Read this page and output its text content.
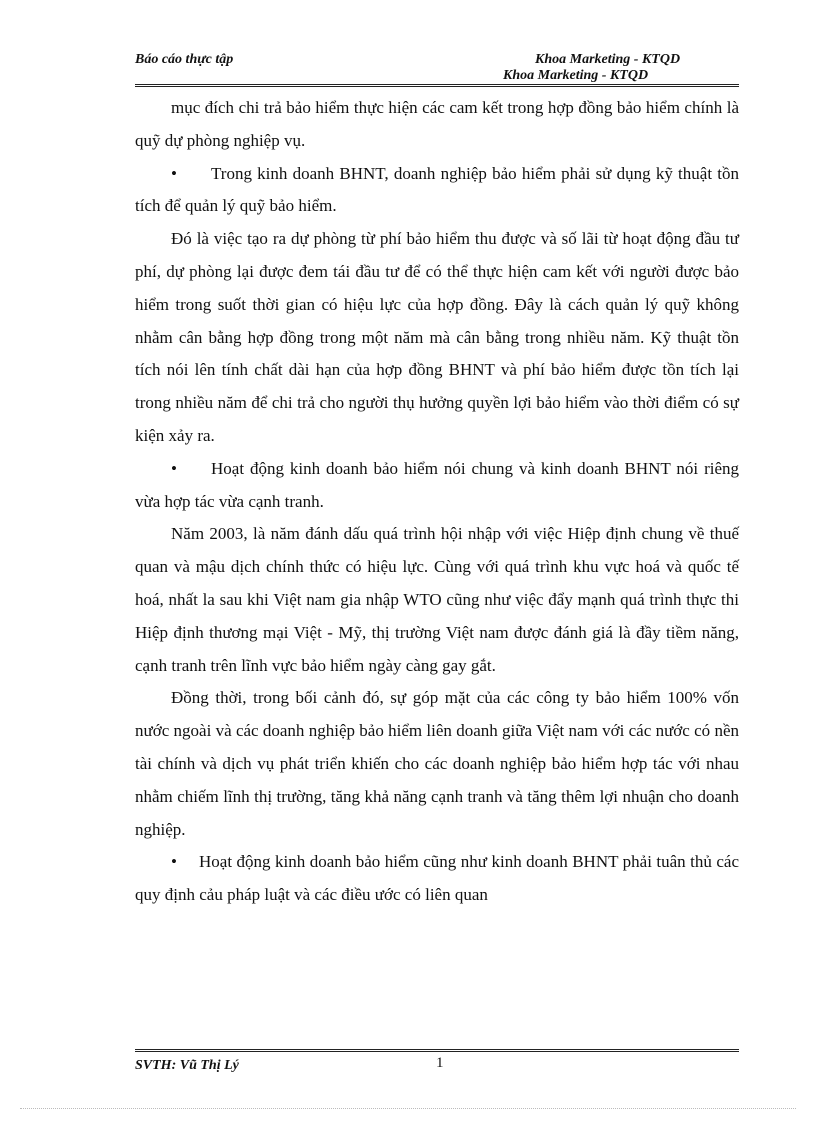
Báo cáo thực tập	Khoa Marketing - KTQD
Khoa Marketing - KTQD

mục đích chi trả bảo hiểm thực hiện các cam kết trong hợp đồng bảo hiểm chính là quỹ dự phòng nghiệp vụ.

• Trong kinh doanh BHNT, doanh nghiệp bảo hiểm phải sử dụng kỹ thuật tồn tích để quản lý quỹ bảo hiểm.

Đó là việc tạo ra dự phòng từ phí bảo hiểm thu được và số lãi từ hoạt động đầu tư phí, dự phòng lại được đem tái đầu tư để có thể thực hiện cam kết với người được bảo hiểm trong suốt thời gian có hiệu lực của hợp đồng. Đây là cách quản lý quỹ không nhằm cân bằng hợp đồng trong một năm mà cân bằng trong nhiều năm. Kỹ thuật tồn tích nói lên tính chất dài hạn của hợp đồng BHNT và phí bảo hiểm được tồn tích lại trong nhiều năm để chi trả cho người thụ hưởng quyền lợi bảo hiểm vào thời điểm có sự kiện xảy ra.

• Hoạt động kinh doanh bảo hiểm nói chung và kinh doanh BHNT nói riêng vừa hợp tác vừa cạnh tranh.

Năm 2003, là năm đánh dấu quá trình hội nhập với việc Hiệp định chung về thuế quan và mậu dịch chính thức có hiệu lực. Cùng với quá trình khu vực hoá và quốc tế hoá, nhất la sau khi Việt nam gia nhập WTO cũng như việc đẩy mạnh quá trình thực thi Hiệp định thương mại Việt - Mỹ, thị trường Việt nam được đánh giá là đầy tiềm năng, cạnh tranh trên lĩnh vực bảo hiểm ngày càng gay gắt.

Đồng thời, trong bối cảnh đó, sự góp mặt của các công ty bảo hiểm 100% vốn nước ngoài và các doanh nghiệp bảo hiểm liên doanh giữa Việt nam với các nước có nền tài chính và dịch vụ phát triển khiến cho các doanh nghiệp bảo hiểm hợp tác với nhau nhằm chiếm lĩnh thị trường, tăng khả năng cạnh tranh và tăng thêm lợi nhuận cho doanh nghiệp.

• Hoạt động kinh doanh bảo hiểm cũng như kinh doanh BHNT phải tuân thủ các quy định cảu pháp luật và các điều ước có liên quan

SVTH: Vũ Thị Lý	1
